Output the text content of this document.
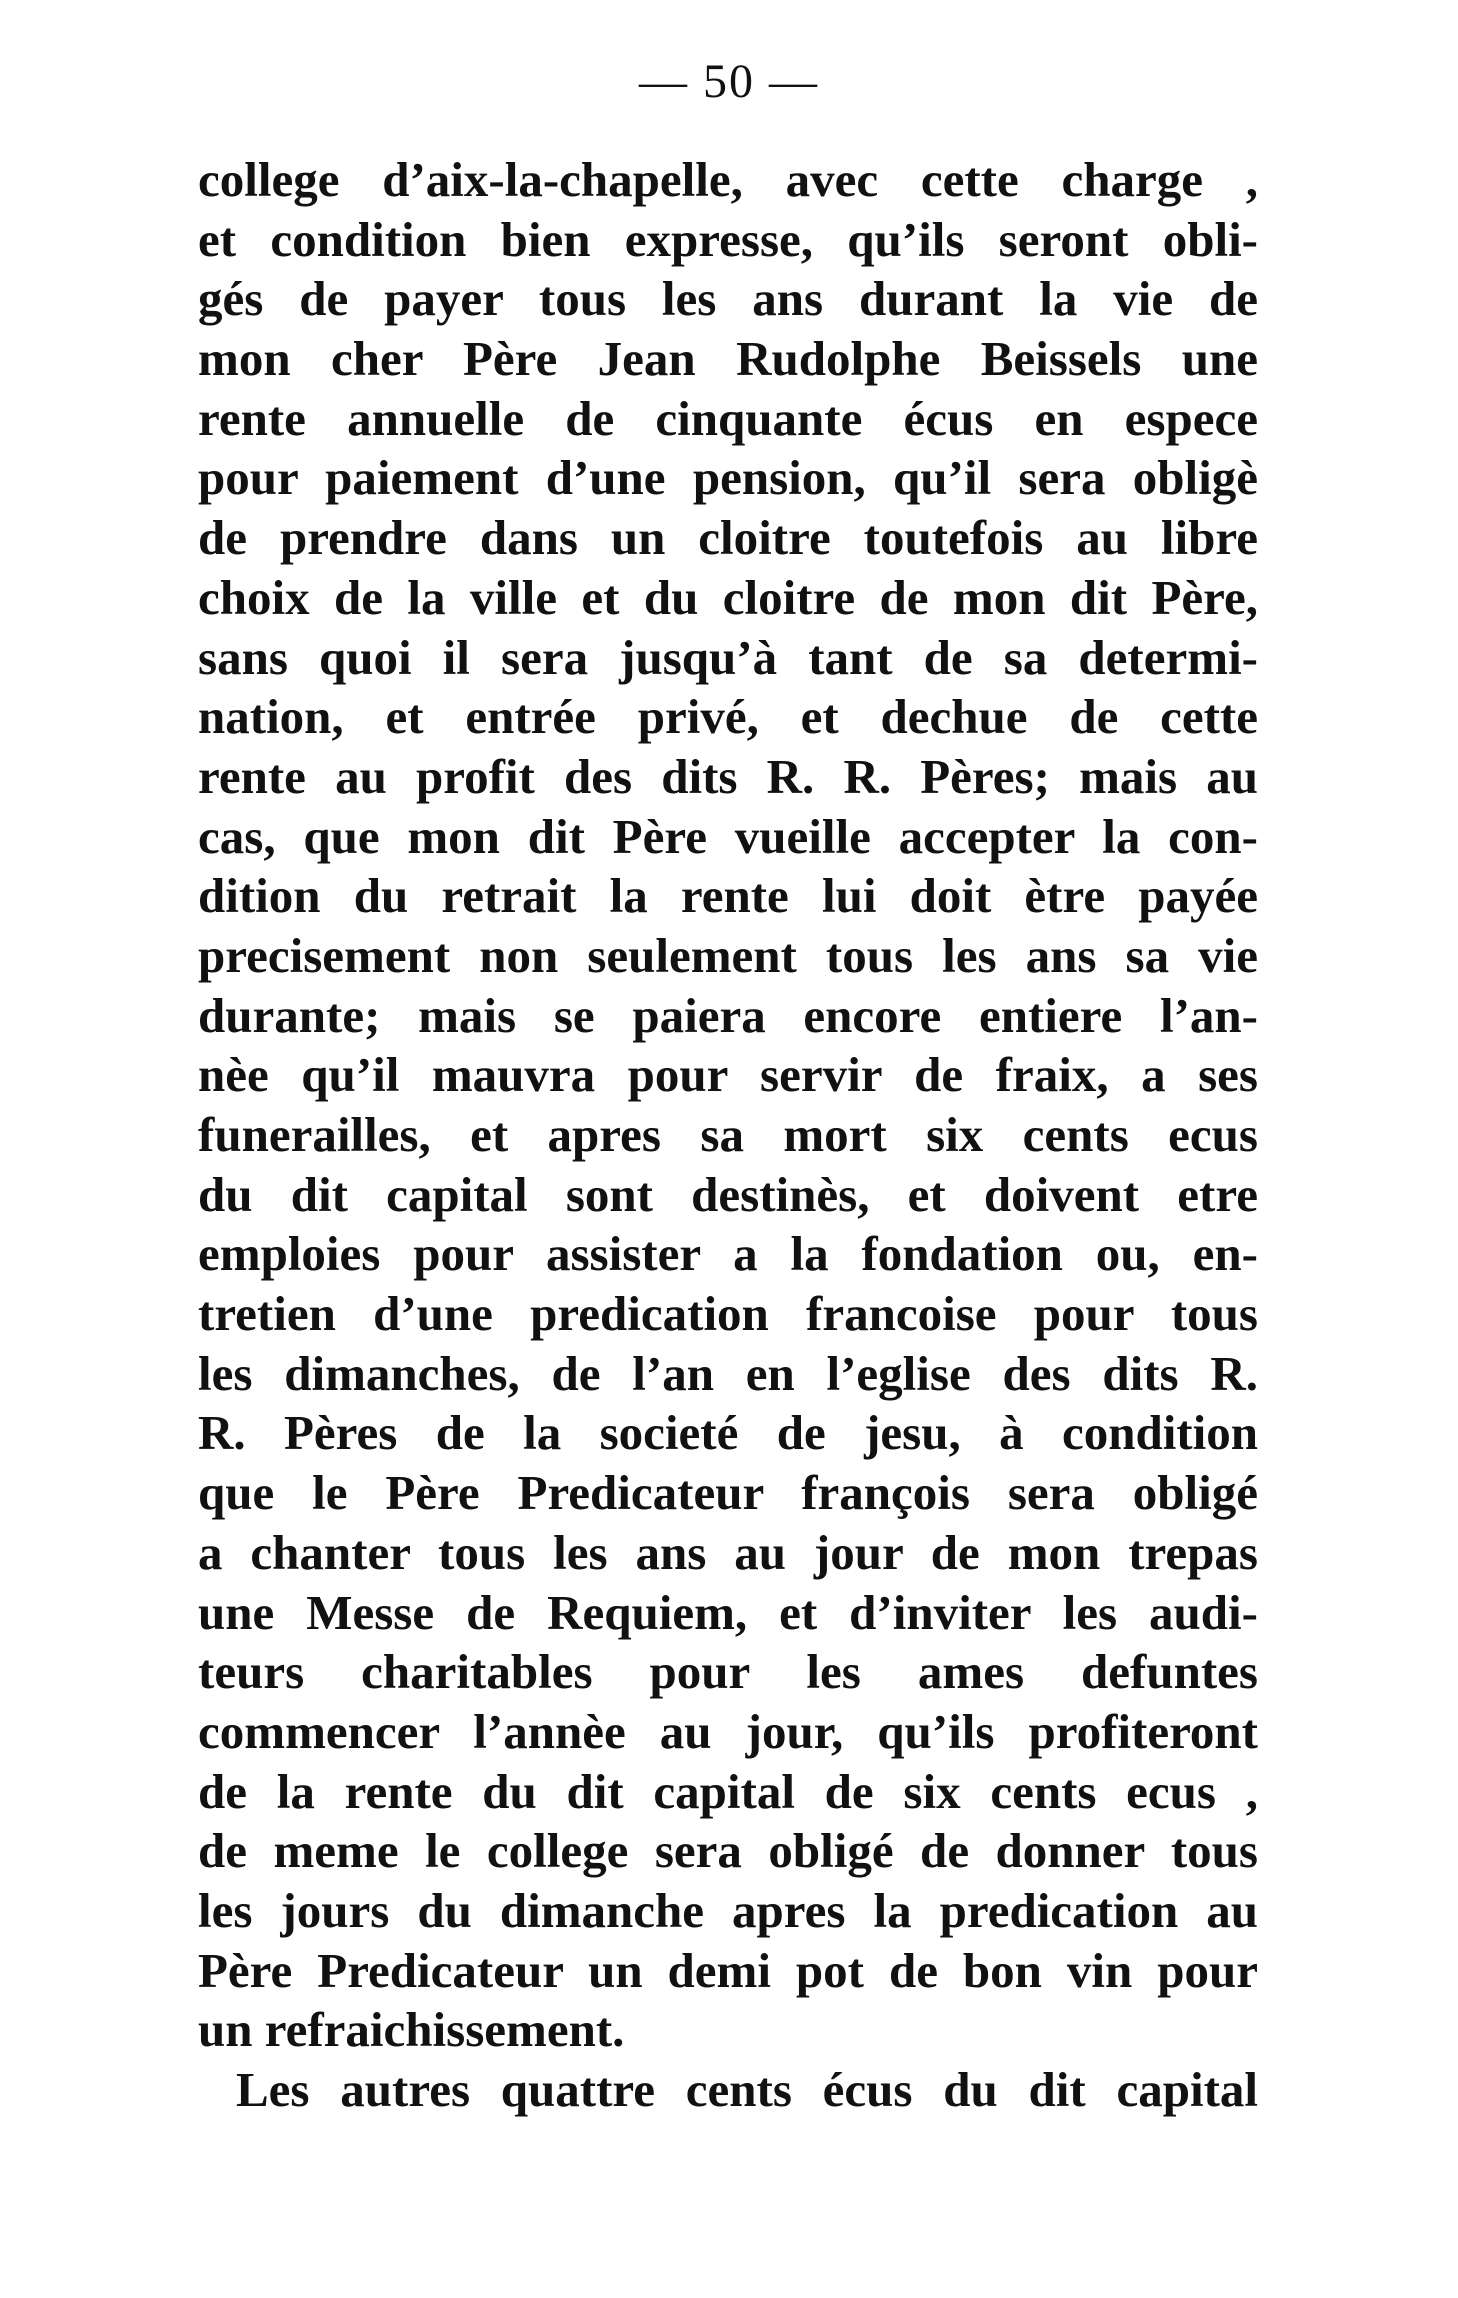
— 50 —
college d’aix-la-chapelle, avec cette charge ,
et condition bien expresse, qu’ils seront obli-
gés de payer tous les ans durant la vie de
mon cher Père Jean Rudolphe Beissels une
rente annuelle de cinquante écus en espece
pour paiement d’une pension, qu’il sera obligè
de prendre dans un cloitre toutefois au libre
choix de la ville et du cloitre de mon dit Père,
sans quoi il sera jusqu’à tant de sa determi-
nation, et entrée privé, et dechue de cette
rente au profit des dits R. R. Pères; mais au
cas, que mon dit Père vueille accepter la con-
dition du retrait la rente lui doit ètre payée
precisement non seulement tous les ans sa vie
durante; mais se paiera encore entiere l’an-
nèe qu’il mauvra pour servir de fraix, a ses
funerailles, et apres sa mort six cents ecus
du dit capital sont destinès, et doivent etre
emploies pour assister a la fondation ou, en-
tretien d’une predication francoise pour tous
les dimanches, de l’an en l’eglise des dits R.
R. Pères de la societé de jesu, à condition
que le Père Predicateur françois sera obligé
a chanter tous les ans au jour de mon trepas
une Messe de Requiem, et d’inviter les audi-
teurs charitables pour les ames defuntes
commencer l’annèe au jour, qu’ils profiteront
de la rente du dit capital de six cents ecus ,
de meme le college sera obligé de donner tous
les jours du dimanche apres la predication au
Père Predicateur un demi pot de bon vin pour
un refraichissement.
Les autres quattre cents écus du dit capital
